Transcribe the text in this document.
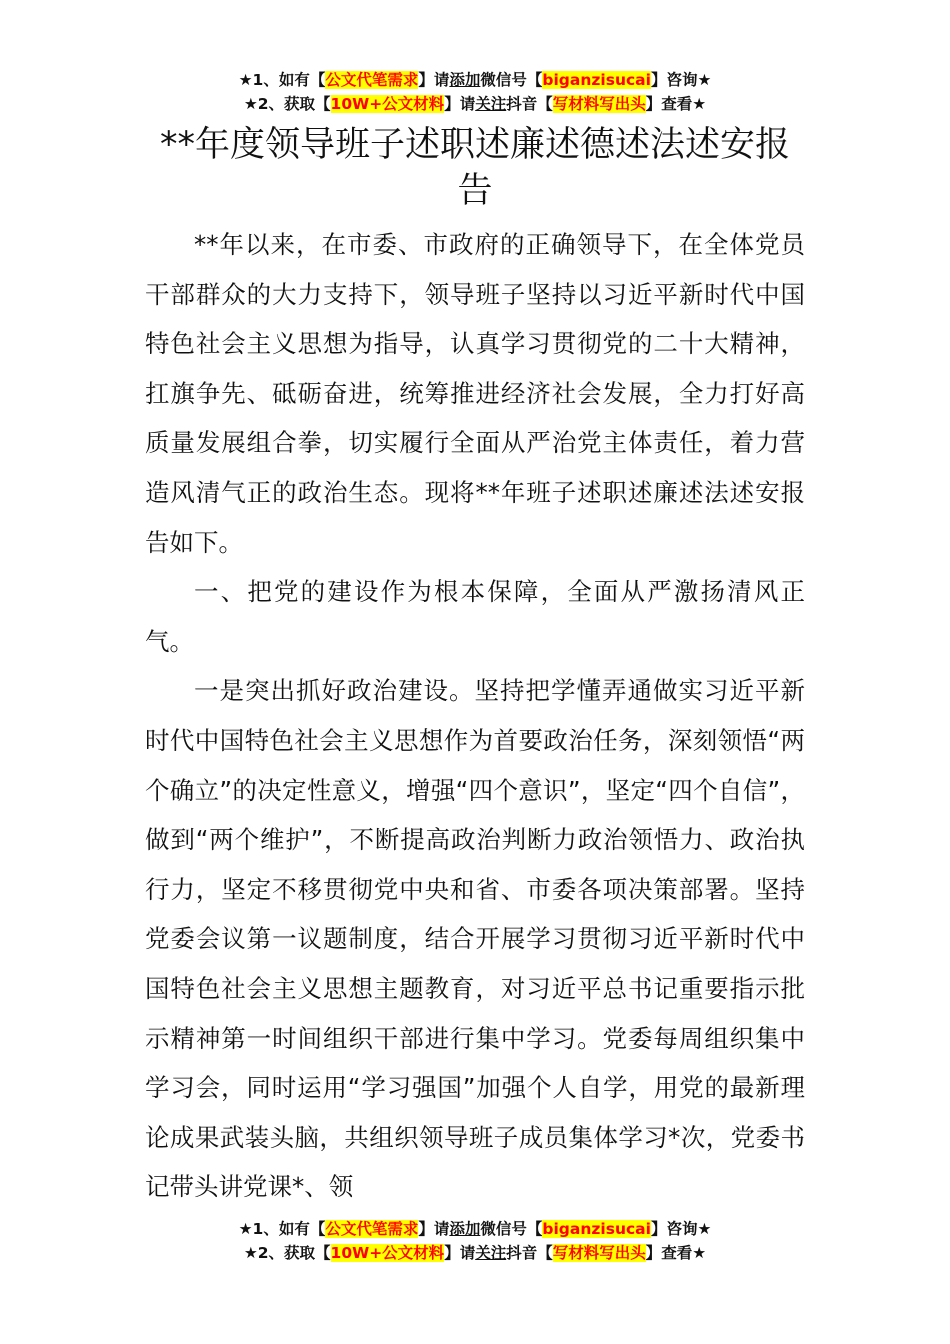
★1、如有【公文代笔需求】请添加微信号【biganzisucai】咨询★
★2、获取【10W+公文材料】请关注抖音【写材料写出头】查看★
**年度领导班子述职述廉述德述法述安报告

**年以来，在市委、市政府的正确领导下，在全体党员干部群众的大力支持下，领导班子坚持以习近平新时代中国特色社会主义思想为指导，认真学习贯彻党的二十大精神，扛旗争先、砥砺奋进，统筹推进经济社会发展，全力打好高质量发展组合拳，切实履行全面从严治党主体责任，着力营造风清气正的政治生态。现将**年班子述职述廉述法述安报告如下。

一、把党的建设作为根本保障，全面从严激扬清风正气。

一是突出抓好政治建设。坚持把学懂弄通做实习近平新时代中国特色社会主义思想作为首要政治任务，深刻领悟“两个确立”的决定性意义，增强“四个意识”，坚定“四个自信”，做到“两个维护”，不断提高政治判断力政治领悟力、政治执行力，坚定不移贯彻党中央和省、市委各项决策部署。坚持党委会议第一议题制度，结合开展学习贯彻习近平新时代中国特色社会主义思想主题教育，对习近平总书记重要指示批示精神第一时间组织干部进行集中学习。党委每周组织集中学习会，同时运用“学习强国”加强个人自学，用党的最新理论成果武装头脑，共组织领导班子成员集体学习*次，党委书记带头讲党课*、领

★1、如有【公文代笔需求】请添加微信号【biganzisucai】咨询★
★2、获取【10W+公文材料】请关注抖音【写材料写出头】查看★
